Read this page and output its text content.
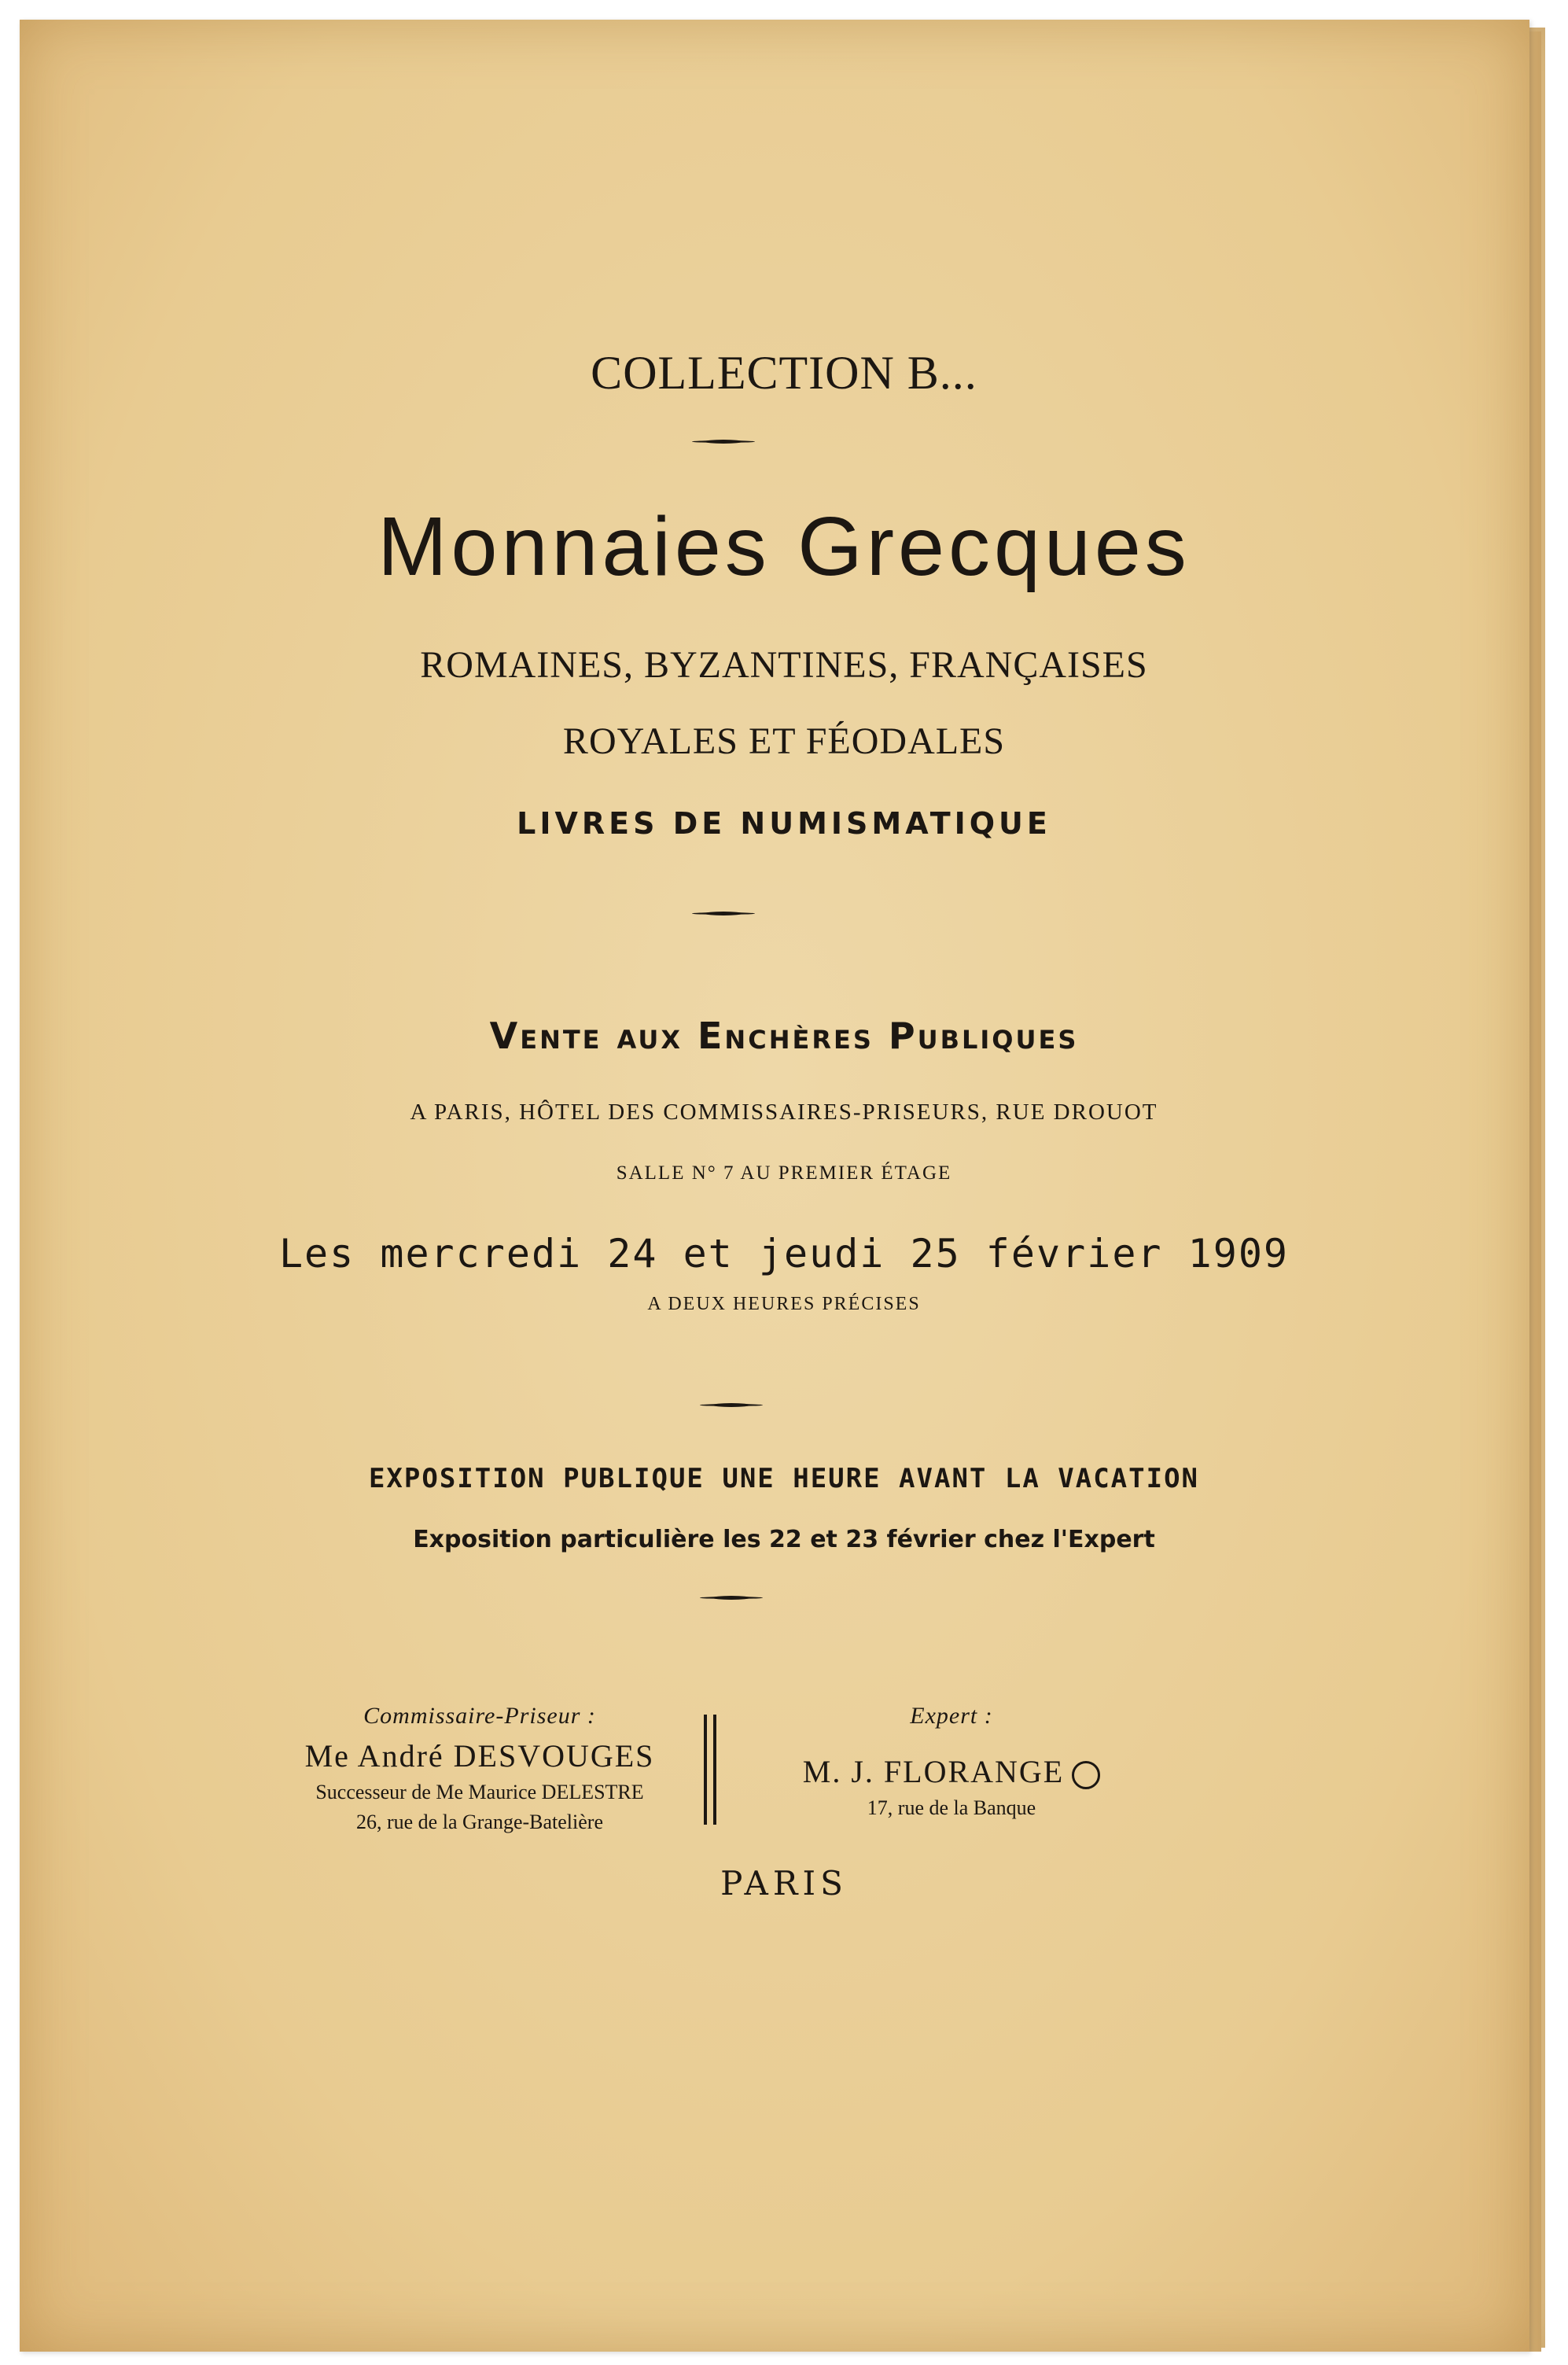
COLLECTION B...
Monnaies Grecques
ROMAINES, BYZANTINES, FRANÇAISES
ROYALES ET FÉODALES
LIVRES DE NUMISMATIQUE
Vente aux Enchères Publiques
A PARIS, HÔTEL DES COMMISSAIRES-PRISEURS, RUE DROUOT
SALLE N° 7 AU PREMIER ÉTAGE
Les mercredi 24 et jeudi 25 février 1909
A DEUX HEURES PRÉCISES
EXPOSITION PUBLIQUE UNE HEURE AVANT LA VACATION
Exposition particulière les 22 et 23 février chez l'Expert
Commissaire-Priseur :
Me André DESVOUGES
Successeur de Me Maurice DELESTRE
26, rue de la Grange-Batelière
Expert :
M. J. FLORANGE
17, rue de la Banque
PARIS
